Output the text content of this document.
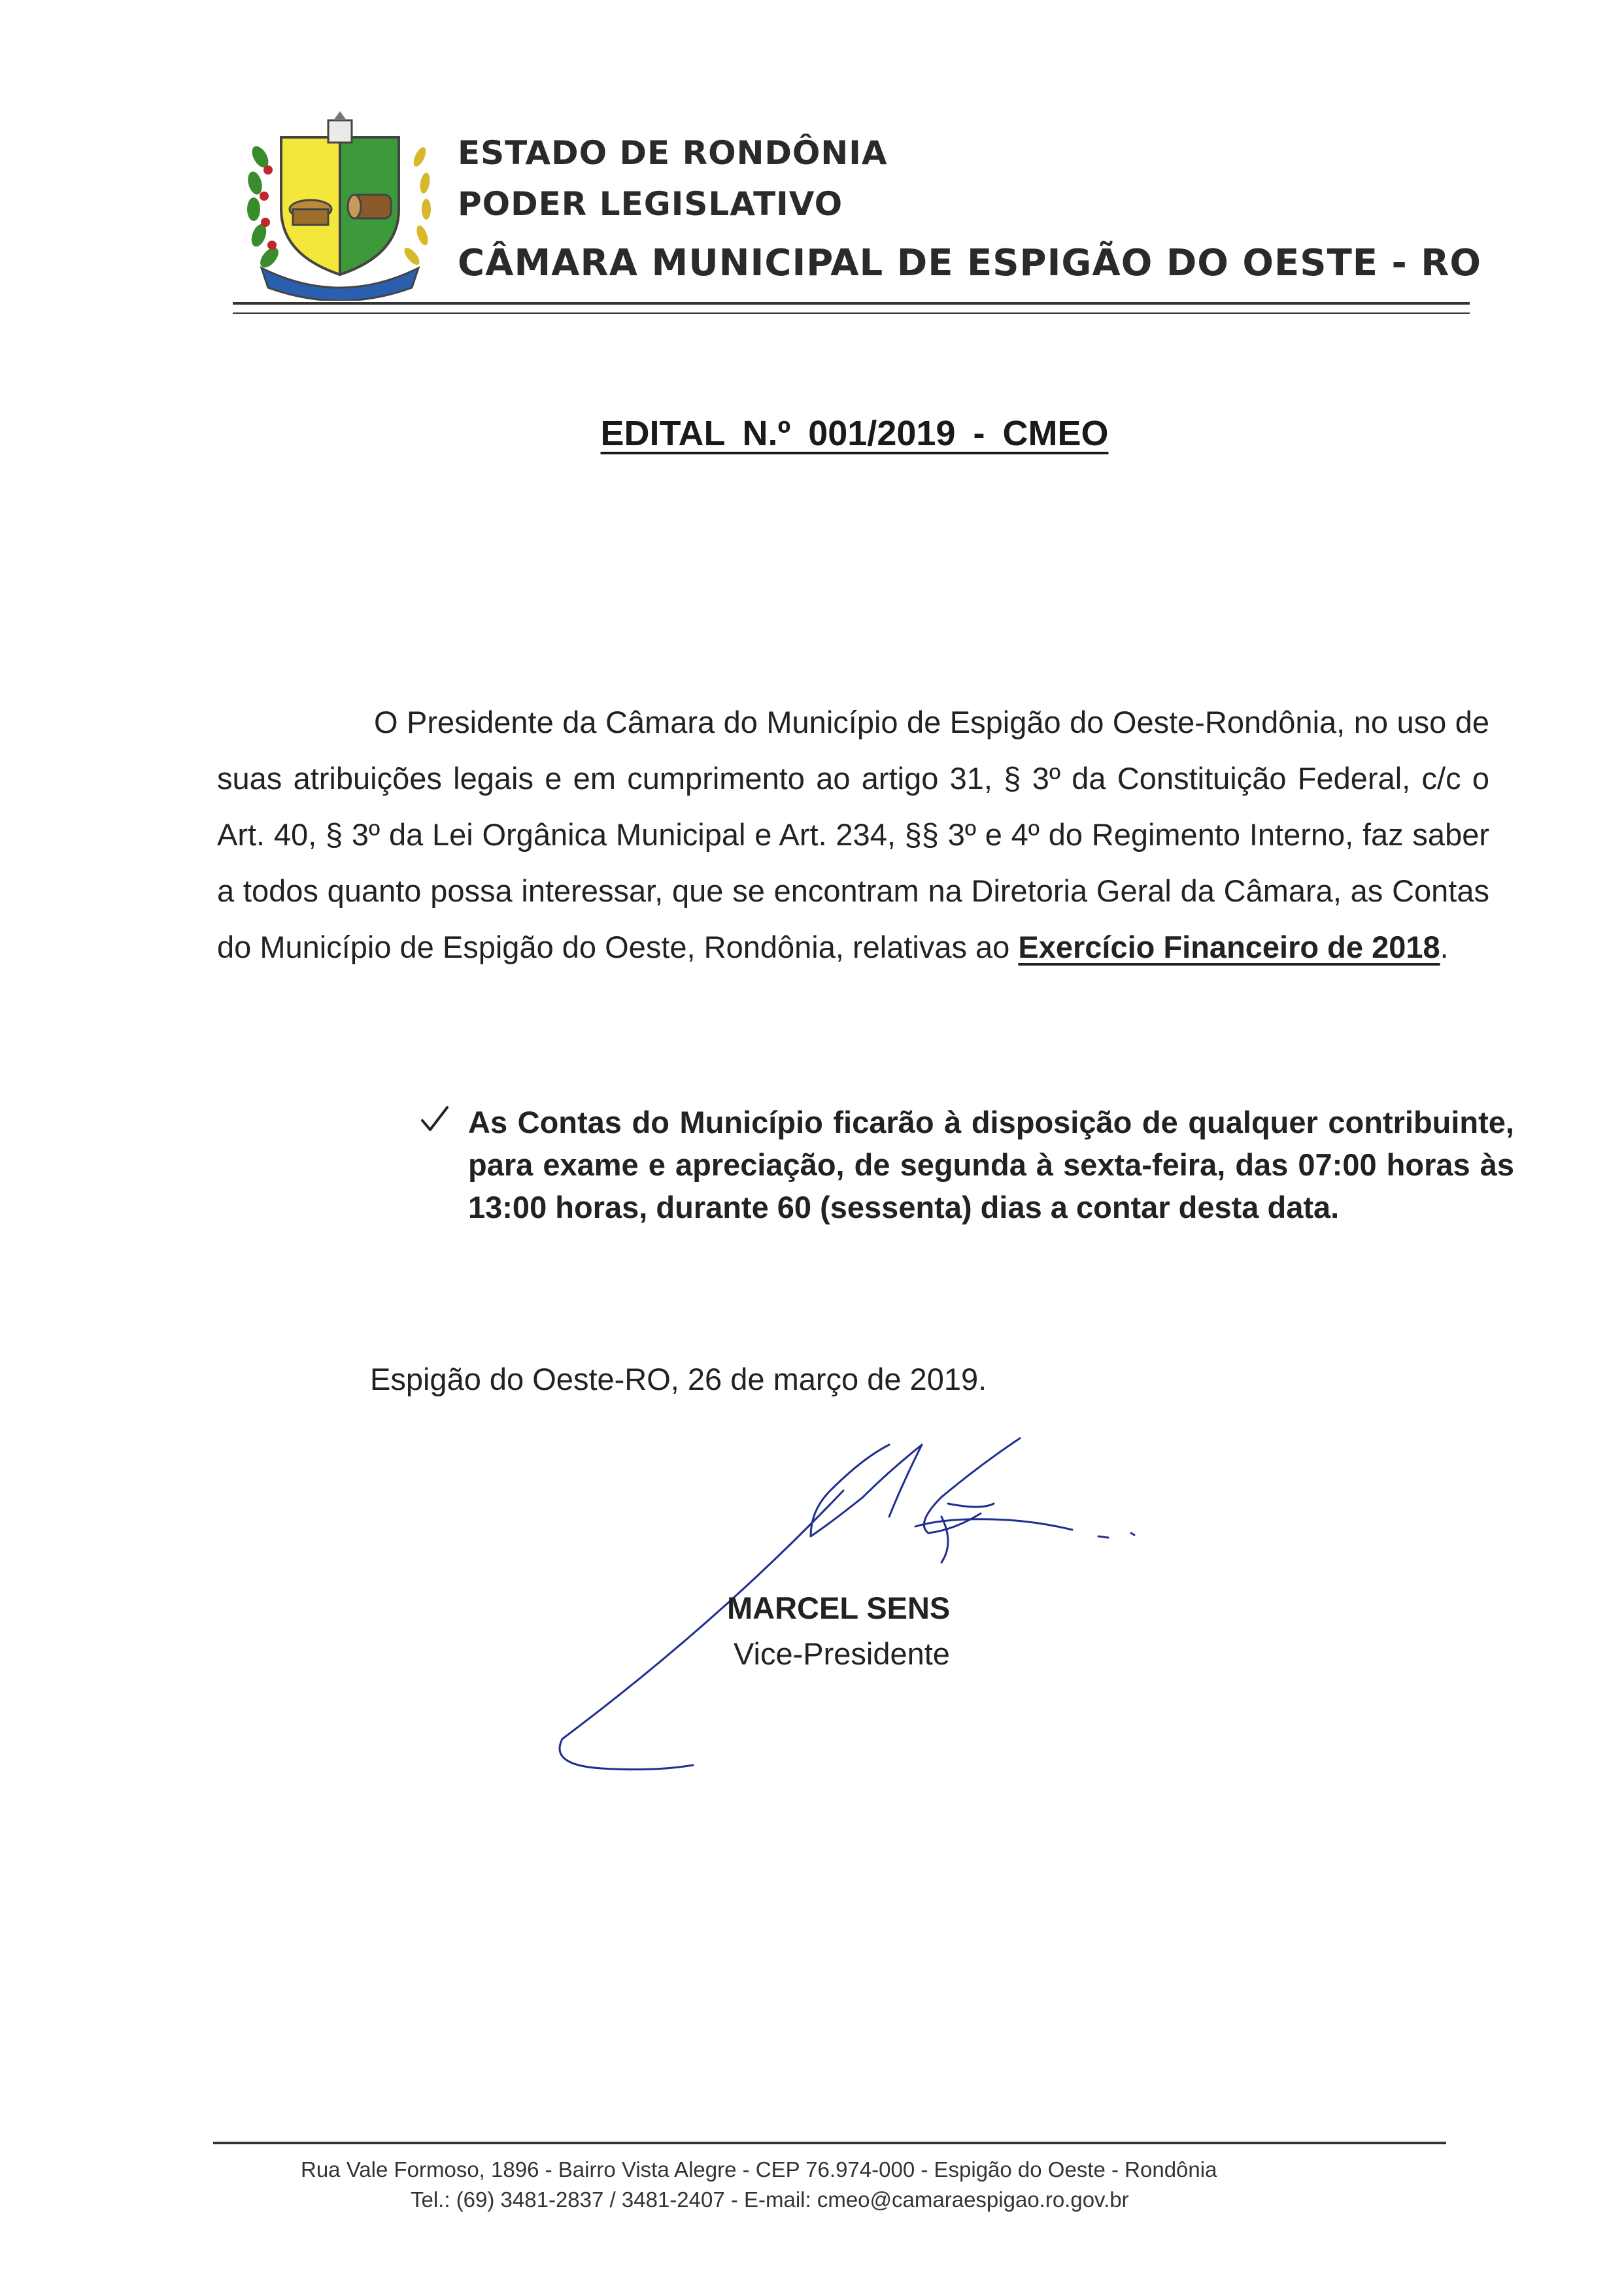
ESTADO DE RONDÔNIA
PODER LEGISLATIVO
CÂMARA MUNICIPAL DE ESPIGÃO DO OESTE - RO
EDITAL N.º 001/2019 - CMEO
O Presidente da Câmara do Município de Espigão do Oeste-Rondônia, no uso de suas atribuições legais e em cumprimento ao artigo 31, § 3º da Constituição Federal, c/c o Art. 40, § 3º da Lei Orgânica Municipal e Art. 234, §§ 3º e 4º do Regimento Interno, faz saber a todos quanto possa interessar, que se encontram na Diretoria Geral da Câmara, as Contas do Município de Espigão do Oeste, Rondônia, relativas ao Exercício Financeiro de 2018.
As Contas do Município ficarão à disposição de qualquer contribuinte, para exame e apreciação, de segunda à sexta-feira, das 07:00 horas às 13:00 horas, durante 60 (sessenta) dias a contar desta data.
Espigão do Oeste-RO, 26 de março de 2019.
MARCEL SENS
Vice-Presidente
Rua Vale Formoso, 1896 - Bairro Vista Alegre - CEP 76.974-000 - Espigão do Oeste - Rondônia
Tel.: (69) 3481-2837 / 3481-2407 - E-mail: cmeo@camaraespigao.ro.gov.br
